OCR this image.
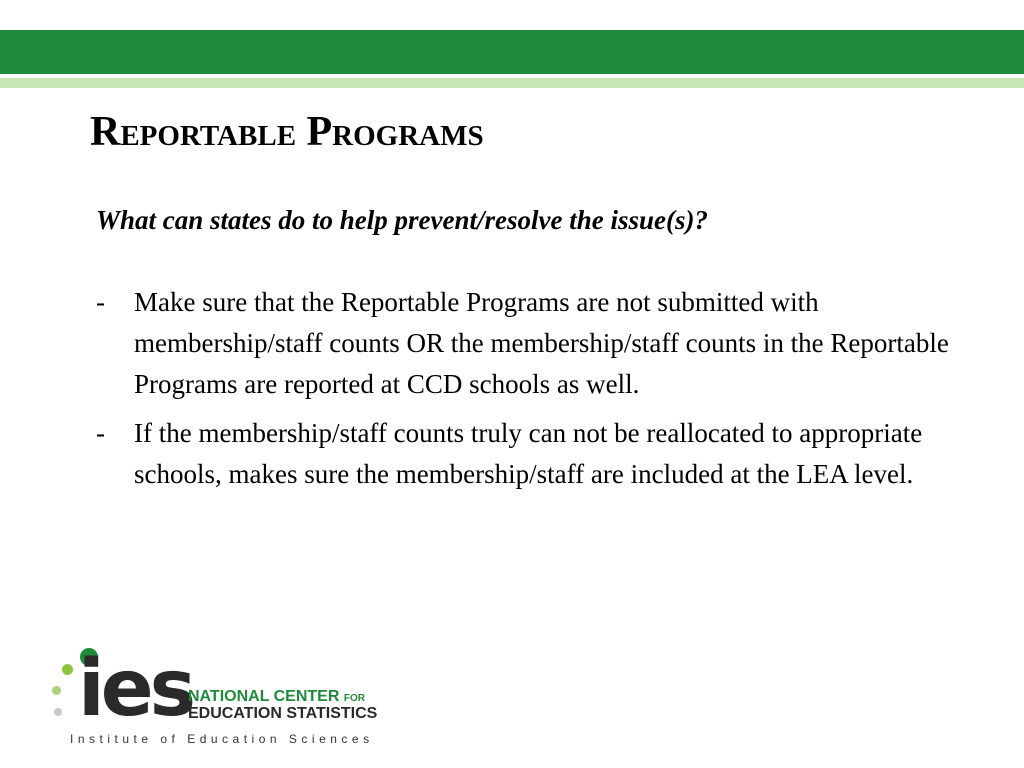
Reportable Programs

What can states do to help prevent/resolve the issue(s)?

- Make sure that the Reportable Programs are not submitted with membership/staff counts OR the membership/staff counts in the Reportable Programs are reported at CCD schools as well.
- If the membership/staff counts truly can not be reallocated to appropriate schools, makes sure the membership/staff are included at the LEA level.
ies
NATIONAL CENTER FOR
EDUCATION STATISTICS
Institute of Education Sciences
